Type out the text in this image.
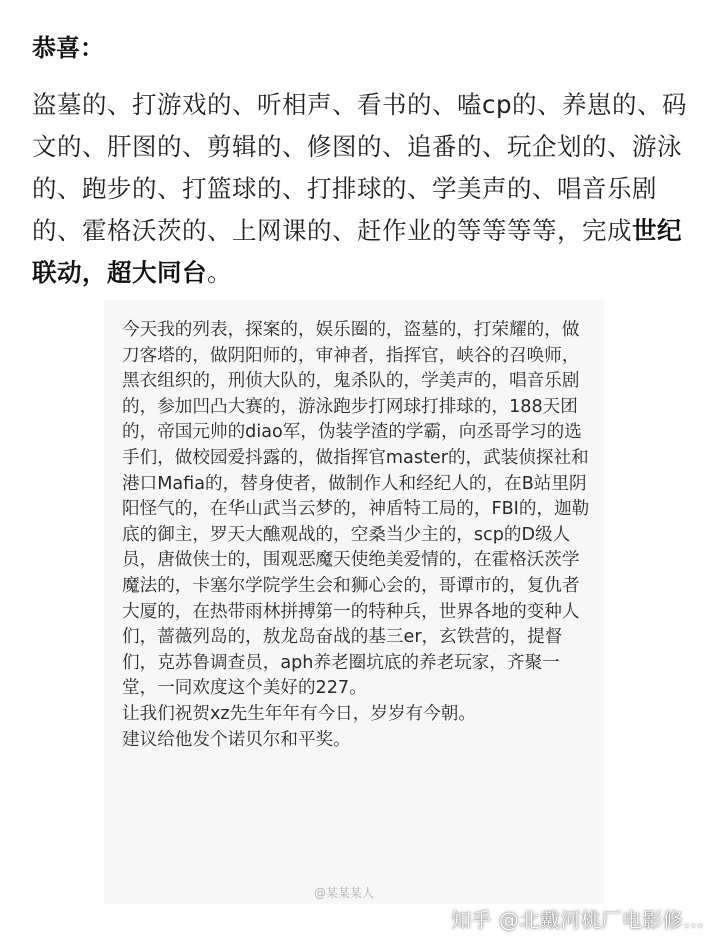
恭喜：
盗墓的、打游戏的、听相声、看书的、嗑cp的、养崽的、码文的、肝图的、剪辑的、修图的、追番的、玩企划的、游泳的、跑步的、打篮球的、打排球的、学美声的、唱音乐剧的、霍格沃茨的、上网课的、赶作业的等等等等，完成世纪联动，超大同台。

今天我的列表，探案的，娱乐圈的，盗墓的，打荣耀的，做刀客塔的，做阴阳师的，审神者，指挥官，峡谷的召唤师，黑衣组织的，刑侦大队的，鬼杀队的，学美声的，唱音乐剧的，参加凹凸大赛的，游泳跑步打网球打排球的，188天团的，帝国元帅的diao军，伪装学渣的学霸，向丞哥学习的选手们，做校园爱抖露的，做指挥官master的，武装侦探社和港口Mafia的，替身使者，做制作人和经纪人的，在B站里阴阳怪气的，在华山武当云梦的，神盾特工局的，FBI的，迦勒底的御主，罗天大醮观战的，空桑当少主的，scp的D级人员，唐做侠士的，围观恶魔天使绝美爱情的，在霍格沃茨学魔法的，卡塞尔学院学生会和狮心会的，哥谭市的，复仇者大厦的，在热带雨林拼搏第一的特种兵，世界各地的变种人们，蔷薇列岛的，敖龙岛奋战的基三er，玄铁营的，提督们，克苏鲁调查员，aph养老圈坑底的养老玩家，齐聚一堂，一同欢度这个美好的227。

让我们祝贺xz先生年年有今日，岁岁有今朝。

建议给他发个诺贝尔和平奖。

@某某某人
知乎 @北戴河桃厂电影修...
